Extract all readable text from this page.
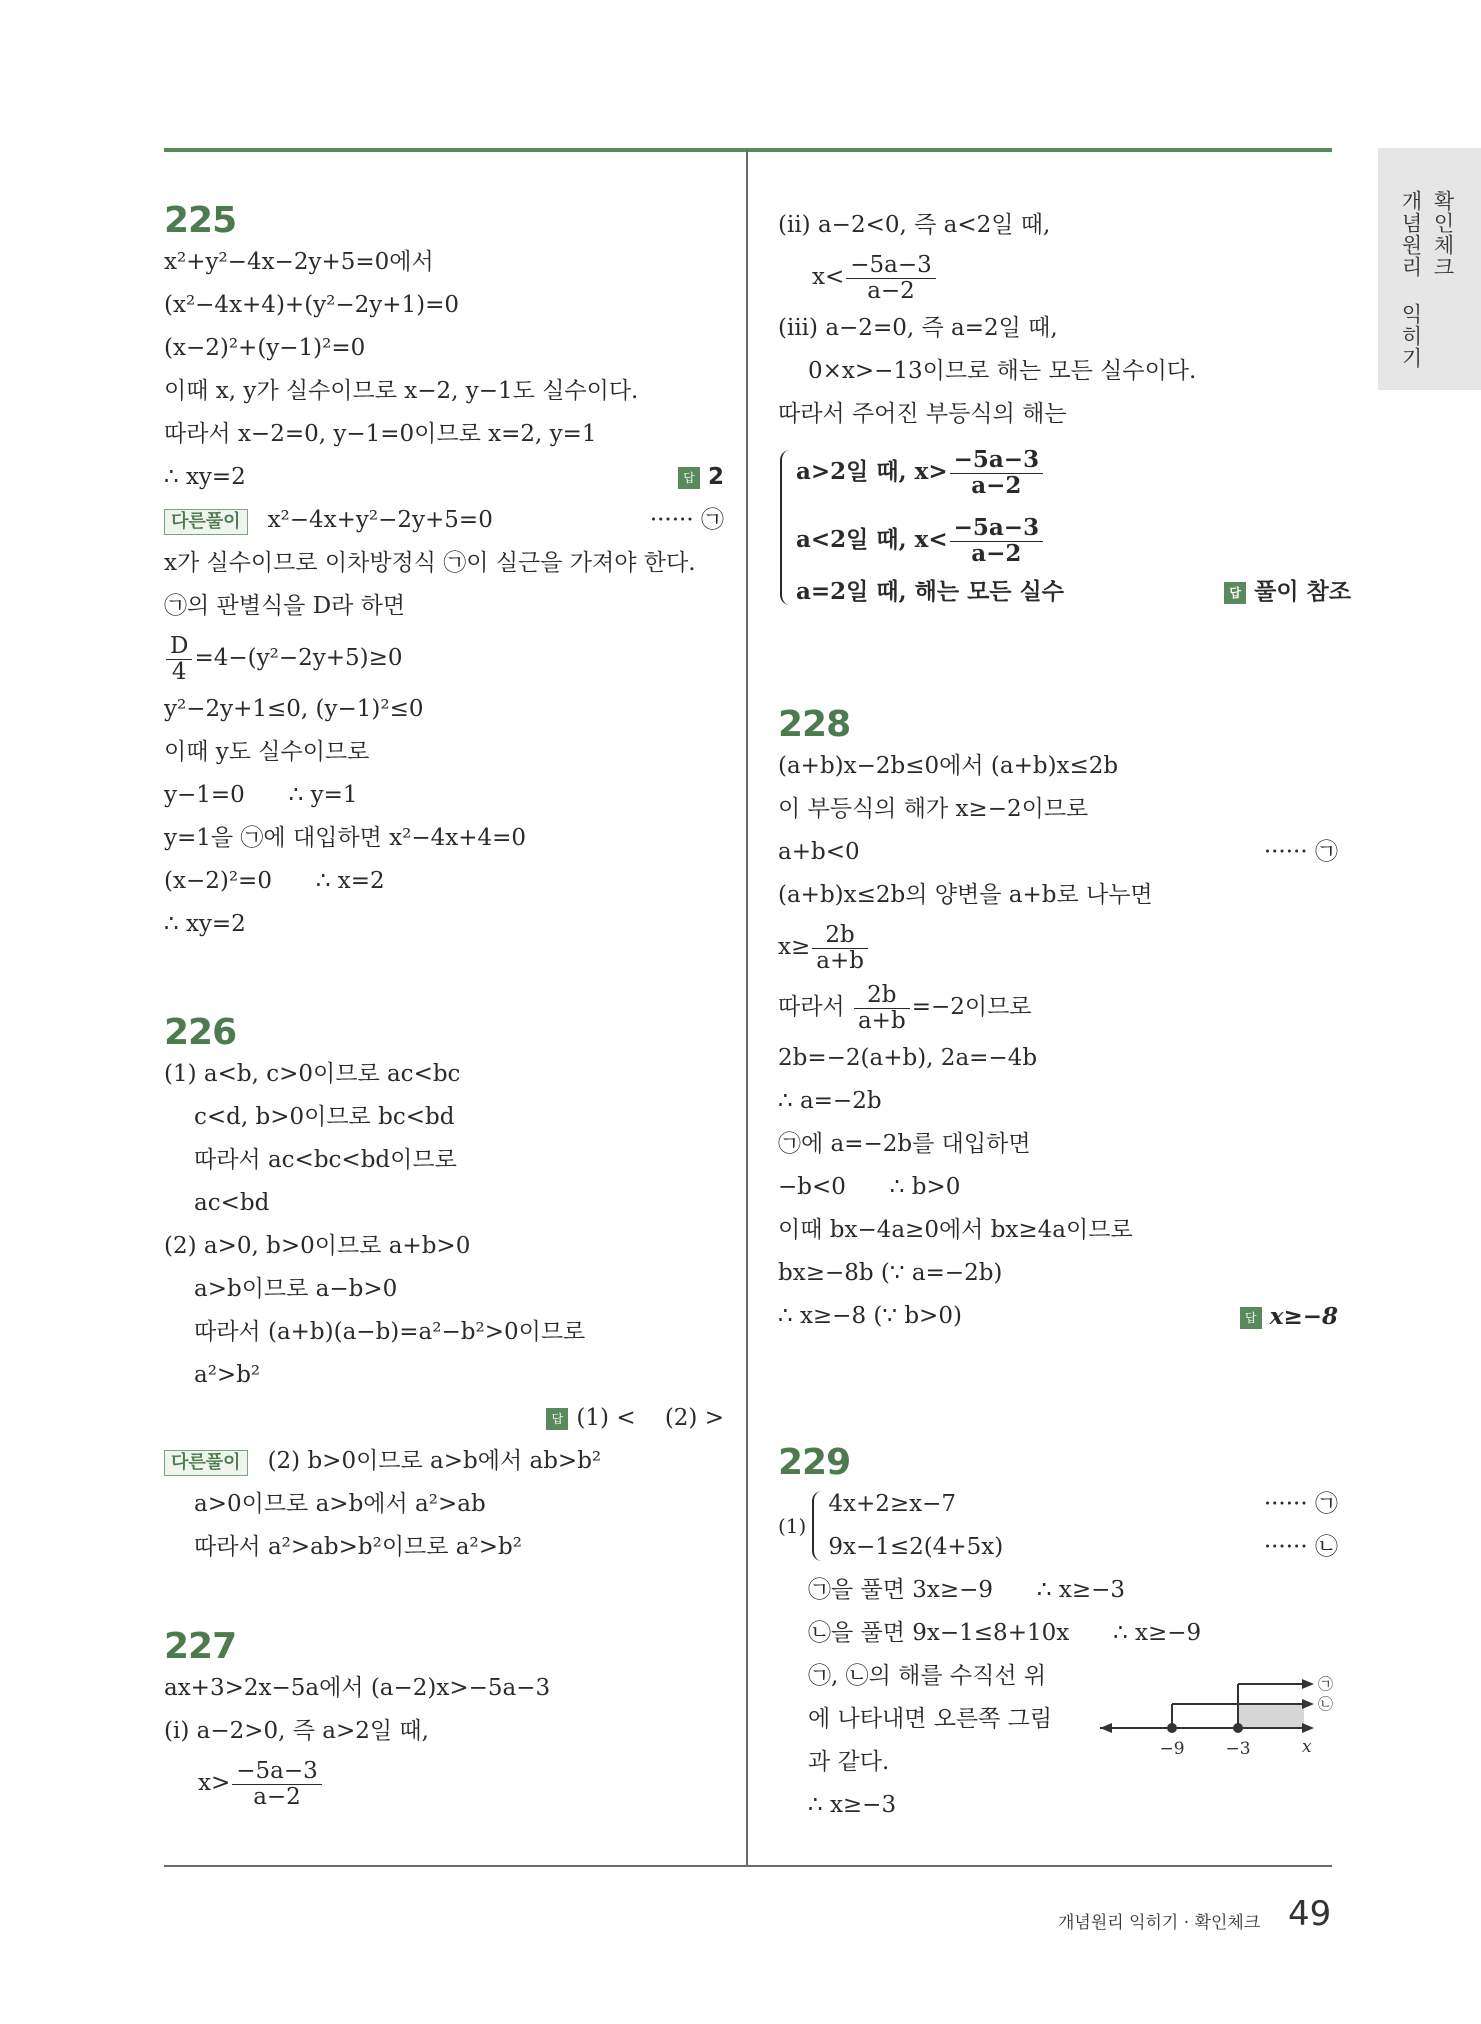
확인체크
개념원리 익히기
225
x²+y²−4x−2y+5=0에서
(x²−4x+4)+(y²−2y+1)=0
(x−2)²+(y−1)²=0
이때 x, y가 실수이므로 x−2, y−1도 실수이다.
따라서 x−2=0, y−1=0이므로 x=2, y=1
∴ xy=2	답 2
다른풀이 x²−4x+y²−2y+5=0	······ ㉠
x가 실수이므로 이차방정식 ㉠이 실근을 가져야 한다.
㉠의 판별식을 D라 하면
$\frac{D}{4} =4-(y^2-2y+5)\ge 0$
y²−2y+1≤0, (y−1)²≤0
이때 y도 실수이므로
y−1=0      ∴ y=1
y=1을 ㉠에 대입하면 x²−4x+4=0
(x−2)²=0      ∴ x=2
∴ xy=2
226
(1) a<b, c>0이므로 ac<bc
c<d, b>0이므로 bc<bd
따라서 ac<bc<bd이므로
ac<bd
(2) a>0, b>0이므로 a+b>0
a>b이므로 a−b>0
따라서 (a+b)(a−b)=a²−b²>0이므로
a²>b²
답 (1) <    (2) >
다른풀이 (2) b>0이므로 a>b에서 ab>b²
a>0이므로 a>b에서 a²>ab
따라서 a²>ab>b²이므로 a²>b²
227
ax+3>2x−5a에서 (a−2)x>−5a−3
(i) a−2>0, 즉 a>2일 때,
$x> \frac{-5a-3}{a-2}$
(ii) a−2<0, 즉 a<2일 때,
$x< \frac{-5a-3}{a-2}$
(iii) a−2=0, 즉 a=2일 때,
0×x>−13이므로 해는 모든 실수이다.
따라서 주어진 부등식의 해는
a>2일 때, $x> \frac{-5a-3}{a-2}$
a<2일 때, $x< \frac{-5a-3}{a-2}$
a=2일 때, 해는 모든 실수	답 풀이 참조
228
(a+b)x−2b≤0에서 (a+b)x≤2b
이 부등식의 해가 x≥−2이므로
a+b<0	······ ㉠
(a+b)x≤2b의 양변을 a+b로 나누면
$x\ge \frac{2b}{a+b}$
따라서 $\frac{2b}{a+b} =-2$이므로
2b=−2(a+b), 2a=−4b
∴ a=−2b
㉠에 a=−2b를 대입하면
−b<0      ∴ b>0
이때 bx−4a≥0에서 bx≥4a이므로
bx≥−8b (∵ a=−2b)
∴ x≥−8 (∵ b>0)	답 x≥−8
229
(1)
4x+2≥x−7	······ ㉠
9x−1≤2(4+5x)	······ ㉡
㉠을 풀면 3x≥−9      ∴ x≥−3
㉡을 풀면 9x−1≤8+10x      ∴ x≥−9
㉠, ㉡의 해를 수직선 위
에 나타내면 오른쪽 그림
과 같다.
∴ x≥−3
㉠
㉡
−9 −3	x
개념원리 익히기 · 확인체크 49
